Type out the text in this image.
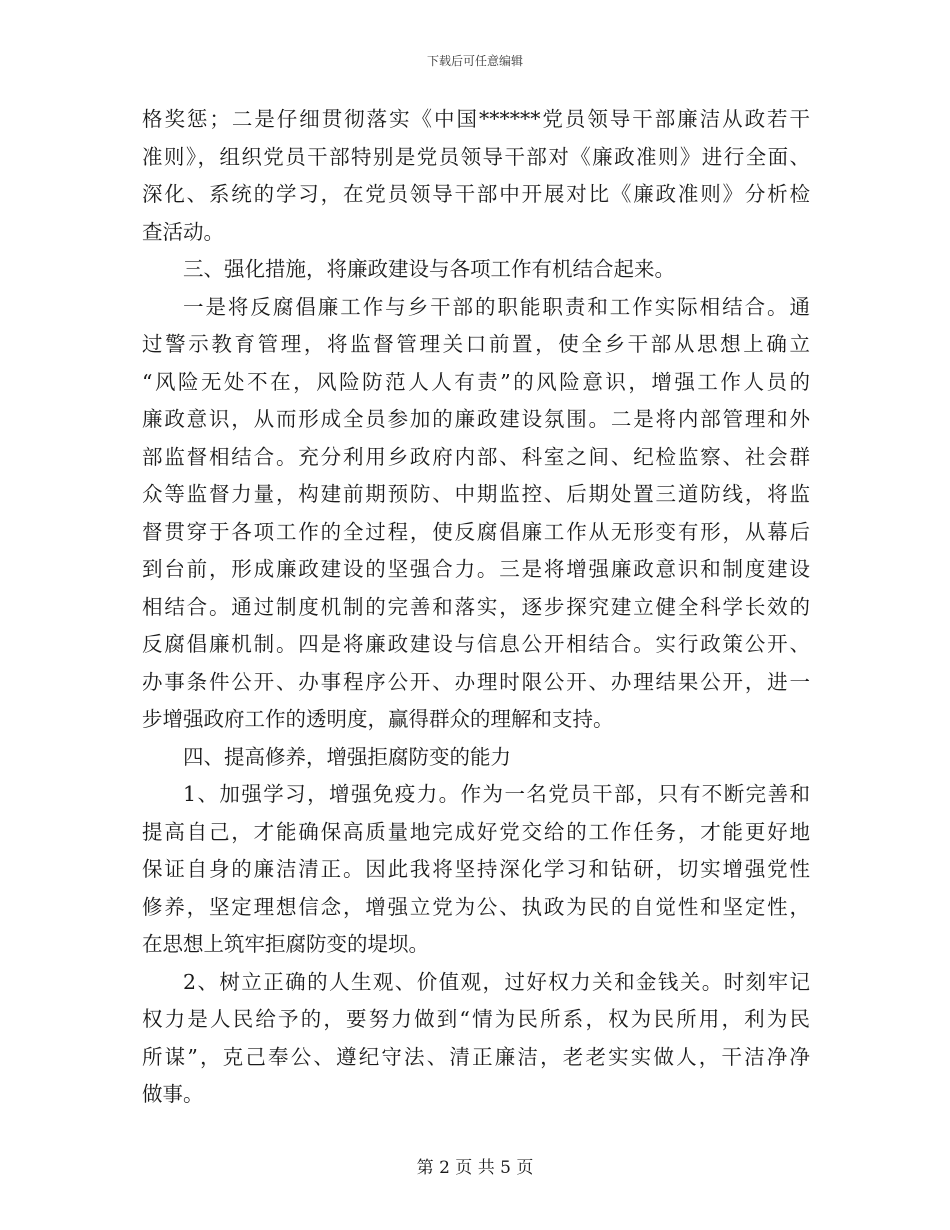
下载后可任意编辑
格奖惩；二是仔细贯彻落实《中国******党员领导干部廉洁从政若干
准则》，组织党员干部特别是党员领导干部对《廉政准则》进行全面、
深化、系统的学习，在党员领导干部中开展对比《廉政准则》分析检
查活动。
三、强化措施，将廉政建设与各项工作有机结合起来。
一是将反腐倡廉工作与乡干部的职能职责和工作实际相结合。通
过警示教育管理，将监督管理关口前置，使全乡干部从思想上确立
“风险无处不在，风险防范人人有责”的风险意识，增强工作人员的
廉政意识，从而形成全员参加的廉政建设氛围。二是将内部管理和外
部监督相结合。充分利用乡政府内部、科室之间、纪检监察、社会群
众等监督力量，构建前期预防、中期监控、后期处置三道防线，将监
督贯穿于各项工作的全过程，使反腐倡廉工作从无形变有形，从幕后
到台前，形成廉政建设的坚强合力。三是将增强廉政意识和制度建设
相结合。通过制度机制的完善和落实，逐步探究建立健全科学长效的
反腐倡廉机制。四是将廉政建设与信息公开相结合。实行政策公开、
办事条件公开、办事程序公开、办理时限公开、办理结果公开，进一
步增强政府工作的透明度，赢得群众的理解和支持。
四、提高修养，增强拒腐防变的能力
1、加强学习，增强免疫力。作为一名党员干部，只有不断完善和
提高自己，才能确保高质量地完成好党交给的工作任务，才能更好地
保证自身的廉洁清正。因此我将坚持深化学习和钻研，切实增强党性
修养，坚定理想信念，增强立党为公、执政为民的自觉性和坚定性，
在思想上筑牢拒腐防变的堤坝。
2、树立正确的人生观、价值观，过好权力关和金钱关。时刻牢记
权力是人民给予的，要努力做到“情为民所系，权为民所用，利为民
所谋”，克己奉公、遵纪守法、清正廉洁，老老实实做人，干洁净净
做事。
第 2 页 共 5 页
